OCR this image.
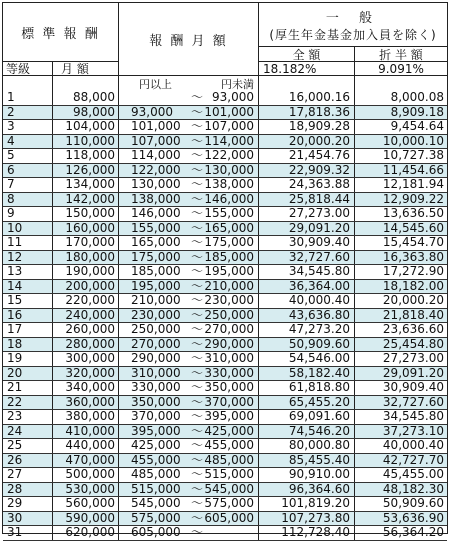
標 準 報 酬	報 酬 月 額
一 般
(厚生年金基金加入員を除く)
全 額	折 半 額
等級	月 額	18.182%	9.091%
円以上	円未満
1	88,000	～ 93,000	16,000.16	8,000.08
2	98,000	93,000 ～ 101,000	17,818.36	8,909.18
3	104,000	101,000 ～ 107,000	18,909.28	9,454.64
4	110,000	107,000 ～ 114,000	20,000.20	10,000.10
5	118,000	114,000 ～ 122,000	21,454.76	10,727.38
6	126,000	122,000 ～ 130,000	22,909.32	11,454.66
7	134,000	130,000 ～ 138,000	24,363.88	12,181.94
8	142,000	138,000 ～ 146,000	25,818.44	12,909.22
9	150,000	146,000 ～ 155,000	27,273.00	13,636.50
10	160,000	155,000 ～ 165,000	29,091.20	14,545.60
11	170,000	165,000 ～ 175,000	30,909.40	15,454.70
12	180,000	175,000 ～ 185,000	32,727.60	16,363.80
13	190,000	185,000 ～ 195,000	34,545.80	17,272.90
14	200,000	195,000 ～ 210,000	36,364.00	18,182.00
15	220,000	210,000 ～ 230,000	40,000.40	20,000.20
16	240,000	230,000 ～ 250,000	43,636.80	21,818.40
17	260,000	250,000 ～ 270,000	47,273.20	23,636.60
18	280,000	270,000 ～ 290,000	50,909.60	25,454.80
19	300,000	290,000 ～ 310,000	54,546.00	27,273.00
20	320,000	310,000 ～ 330,000	58,182.40	29,091.20
21	340,000	330,000 ～ 350,000	61,818.80	30,909.40
22	360,000	350,000 ～ 370,000	65,455.20	32,727.60
23	380,000	370,000 ～ 395,000	69,091.60	34,545.80
24	410,000	395,000 ～ 425,000	74,546.20	37,273.10
25	440,000	425,000 ～ 455,000	80,000.80	40,000.40
26	470,000	455,000 ～ 485,000	85,455.40	42,727.70
27	500,000	485,000 ～ 515,000	90,910.00	45,455.00
28	530,000	515,000 ～ 545,000	96,364.60	48,182.30
29	560,000	545,000 ～ 575,000	101,819.20	50,909.60
30	590,000	575,000 ～ 605,000	107,273.80	53,636.90
31	620,000	605,000 ～	112,728.40	56,364.20
